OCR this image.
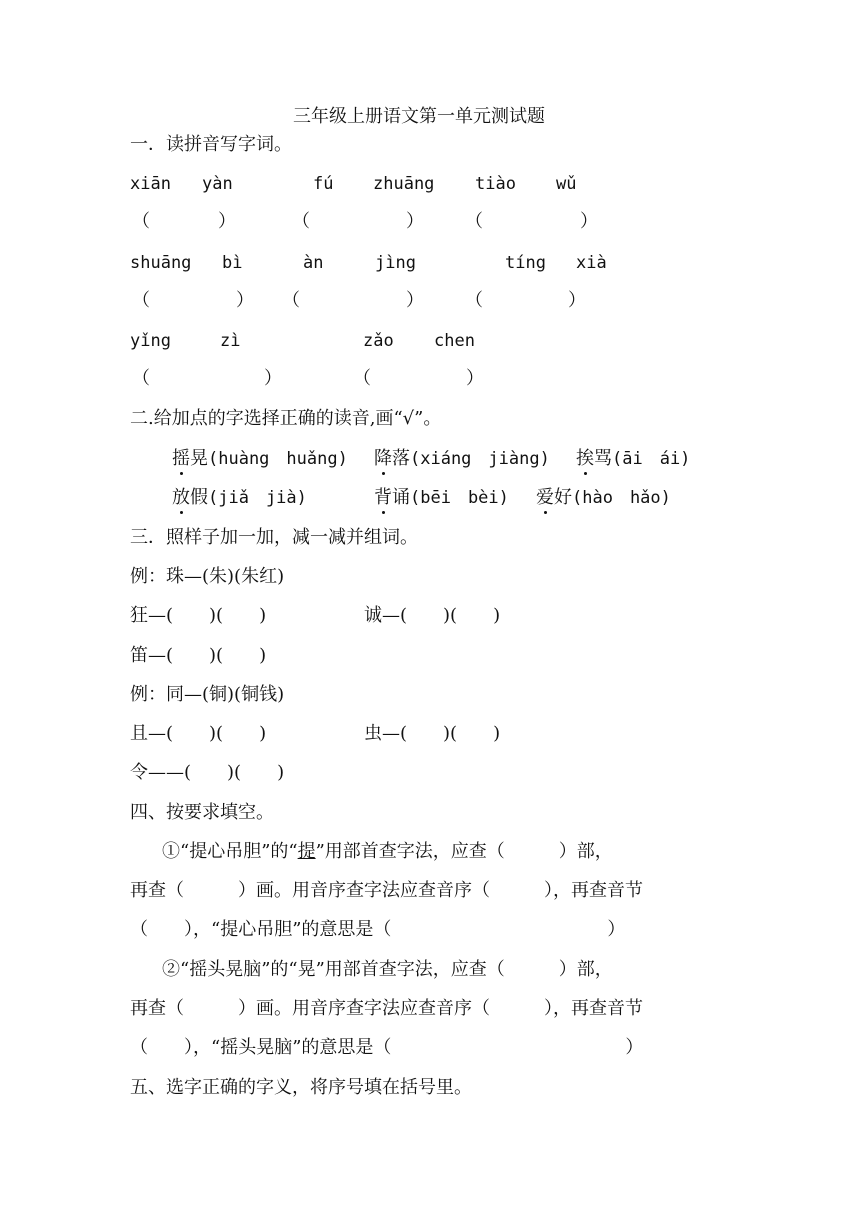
三年级上册语文第一单元测试题
一．读拼音写字词。
xiān yàn	fú zhuāng tiào wǔ
（	）	（	） （	）
shuāng bì	àn	jìng	tíng xià
（	） （	） （	）
yǐng	zì	zǎo chen
（	）	（	）
二.给加点的字选择正确的读音,画“√”。
摇晃(huàng　huǎng) 降落(xiáng　jiàng) 挨骂(āi　ái)
放假(jiǎ　jià)	背诵(bēi　bèi) 爱好(hào　hǎo)
三．照样子加一加，减一减并组词。
例：珠—(朱)(朱红)
狂—(　　)(　　)	诚—(　　)(　　)
笛—(　　)(　　)
例：同—(铜)(铜钱)
且—(　　)(　　)	虫—(　　)(　　)
令——(　　)(　　)
四、按要求填空。
①“提心吊胆”的“提”用部首查字法，应查（　　　）部，
再查（　　　）画。用音序查字法应查音序（　　　），再查音节
（　　），“提心吊胆”的意思是（　　　　　　　　　　　　）
②“摇头晃脑”的“晃”用部首查字法，应查（　　　）部，
再查（　　　）画。用音序查字法应查音序（　　　），再查音节
（　　），“摇头晃脑”的意思是（　　　　　　　　　　　　　）
五、选字正确的字义，将序号填在括号里。
